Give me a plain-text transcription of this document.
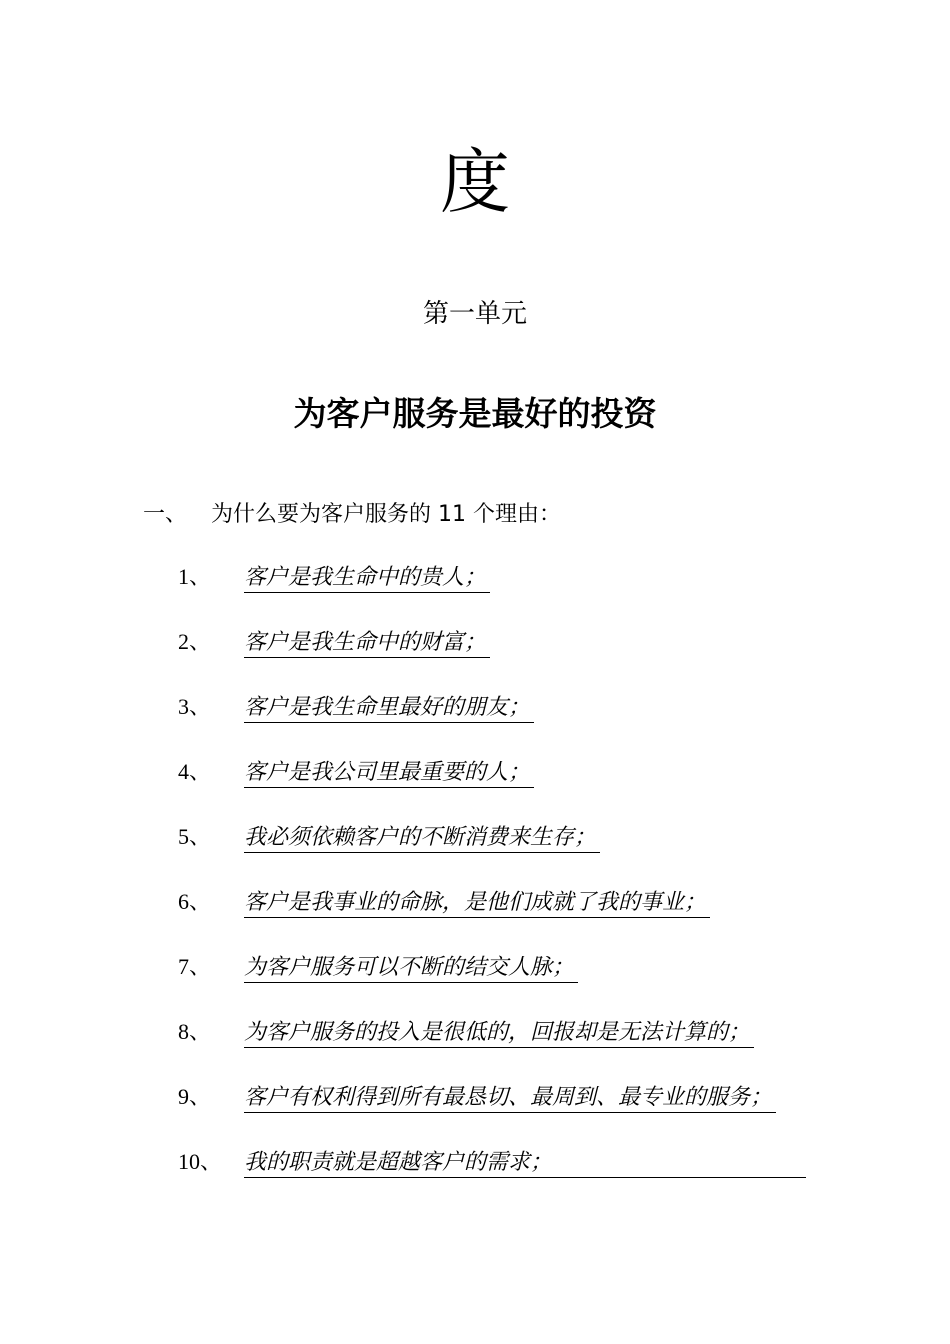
度
第一单元
为客户服务是最好的投资
一、 为什么要为客户服务的 11 个理由：
1、 客户是我生命中的贵人；
2、 客户是我生命中的财富；
3、 客户是我生命里最好的朋友；
4、 客户是我公司里最重要的人；
5、 我必须依赖客户的不断消费来生存；
6、 客户是我事业的命脉，是他们成就了我的事业；
7、 为客户服务可以不断的结交人脉；
8、 为客户服务的投入是很低的，回报却是无法计算的；
9、 客户有权利得到所有最恳切、最周到、最专业的服务；
10、 我的职责就是超越客户的需求；
